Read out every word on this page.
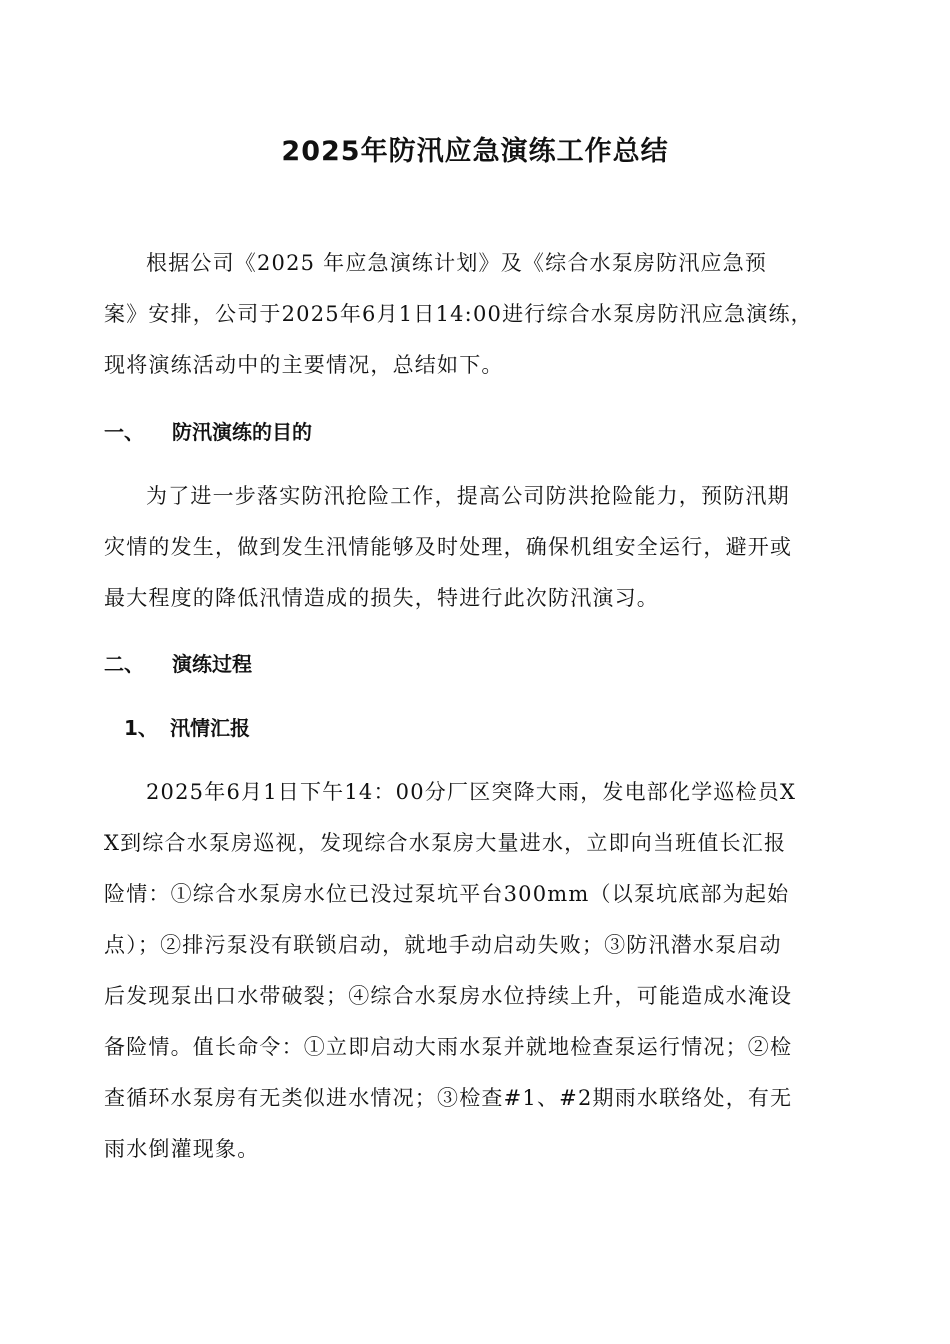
2025年防汛应急演练工作总结
根据公司《2025 年应急演练计划》及《综合水泵房防汛应急预
案》安排，公司于2025年6月1日14:00进行综合水泵房防汛应急演练，
现将演练活动中的主要情况，总结如下。
一、 防汛演练的目的
为了进一步落实防汛抢险工作，提高公司防洪抢险能力，预防汛期
灾情的发生，做到发生汛情能够及时处理，确保机组安全运行，避开或
最大程度的降低汛情造成的损失，特进行此次防汛演习。
二、 演练过程
1、 汛情汇报
2025年6月1日下午14：00分厂区突降大雨，发电部化学巡检员X
X到综合水泵房巡视，发现综合水泵房大量进水，立即向当班值长汇报
险情：①综合水泵房水位已没过泵坑平台300mm（以泵坑底部为起始
点）；②排污泵没有联锁启动，就地手动启动失败；③防汛潜水泵启动
后发现泵出口水带破裂；④综合水泵房水位持续上升，可能造成水淹设
备险情。值长命令：①立即启动大雨水泵并就地检查泵运行情况；②检
查循环水泵房有无类似进水情况；③检查#1、#2期雨水联络处，有无
雨水倒灌现象。
